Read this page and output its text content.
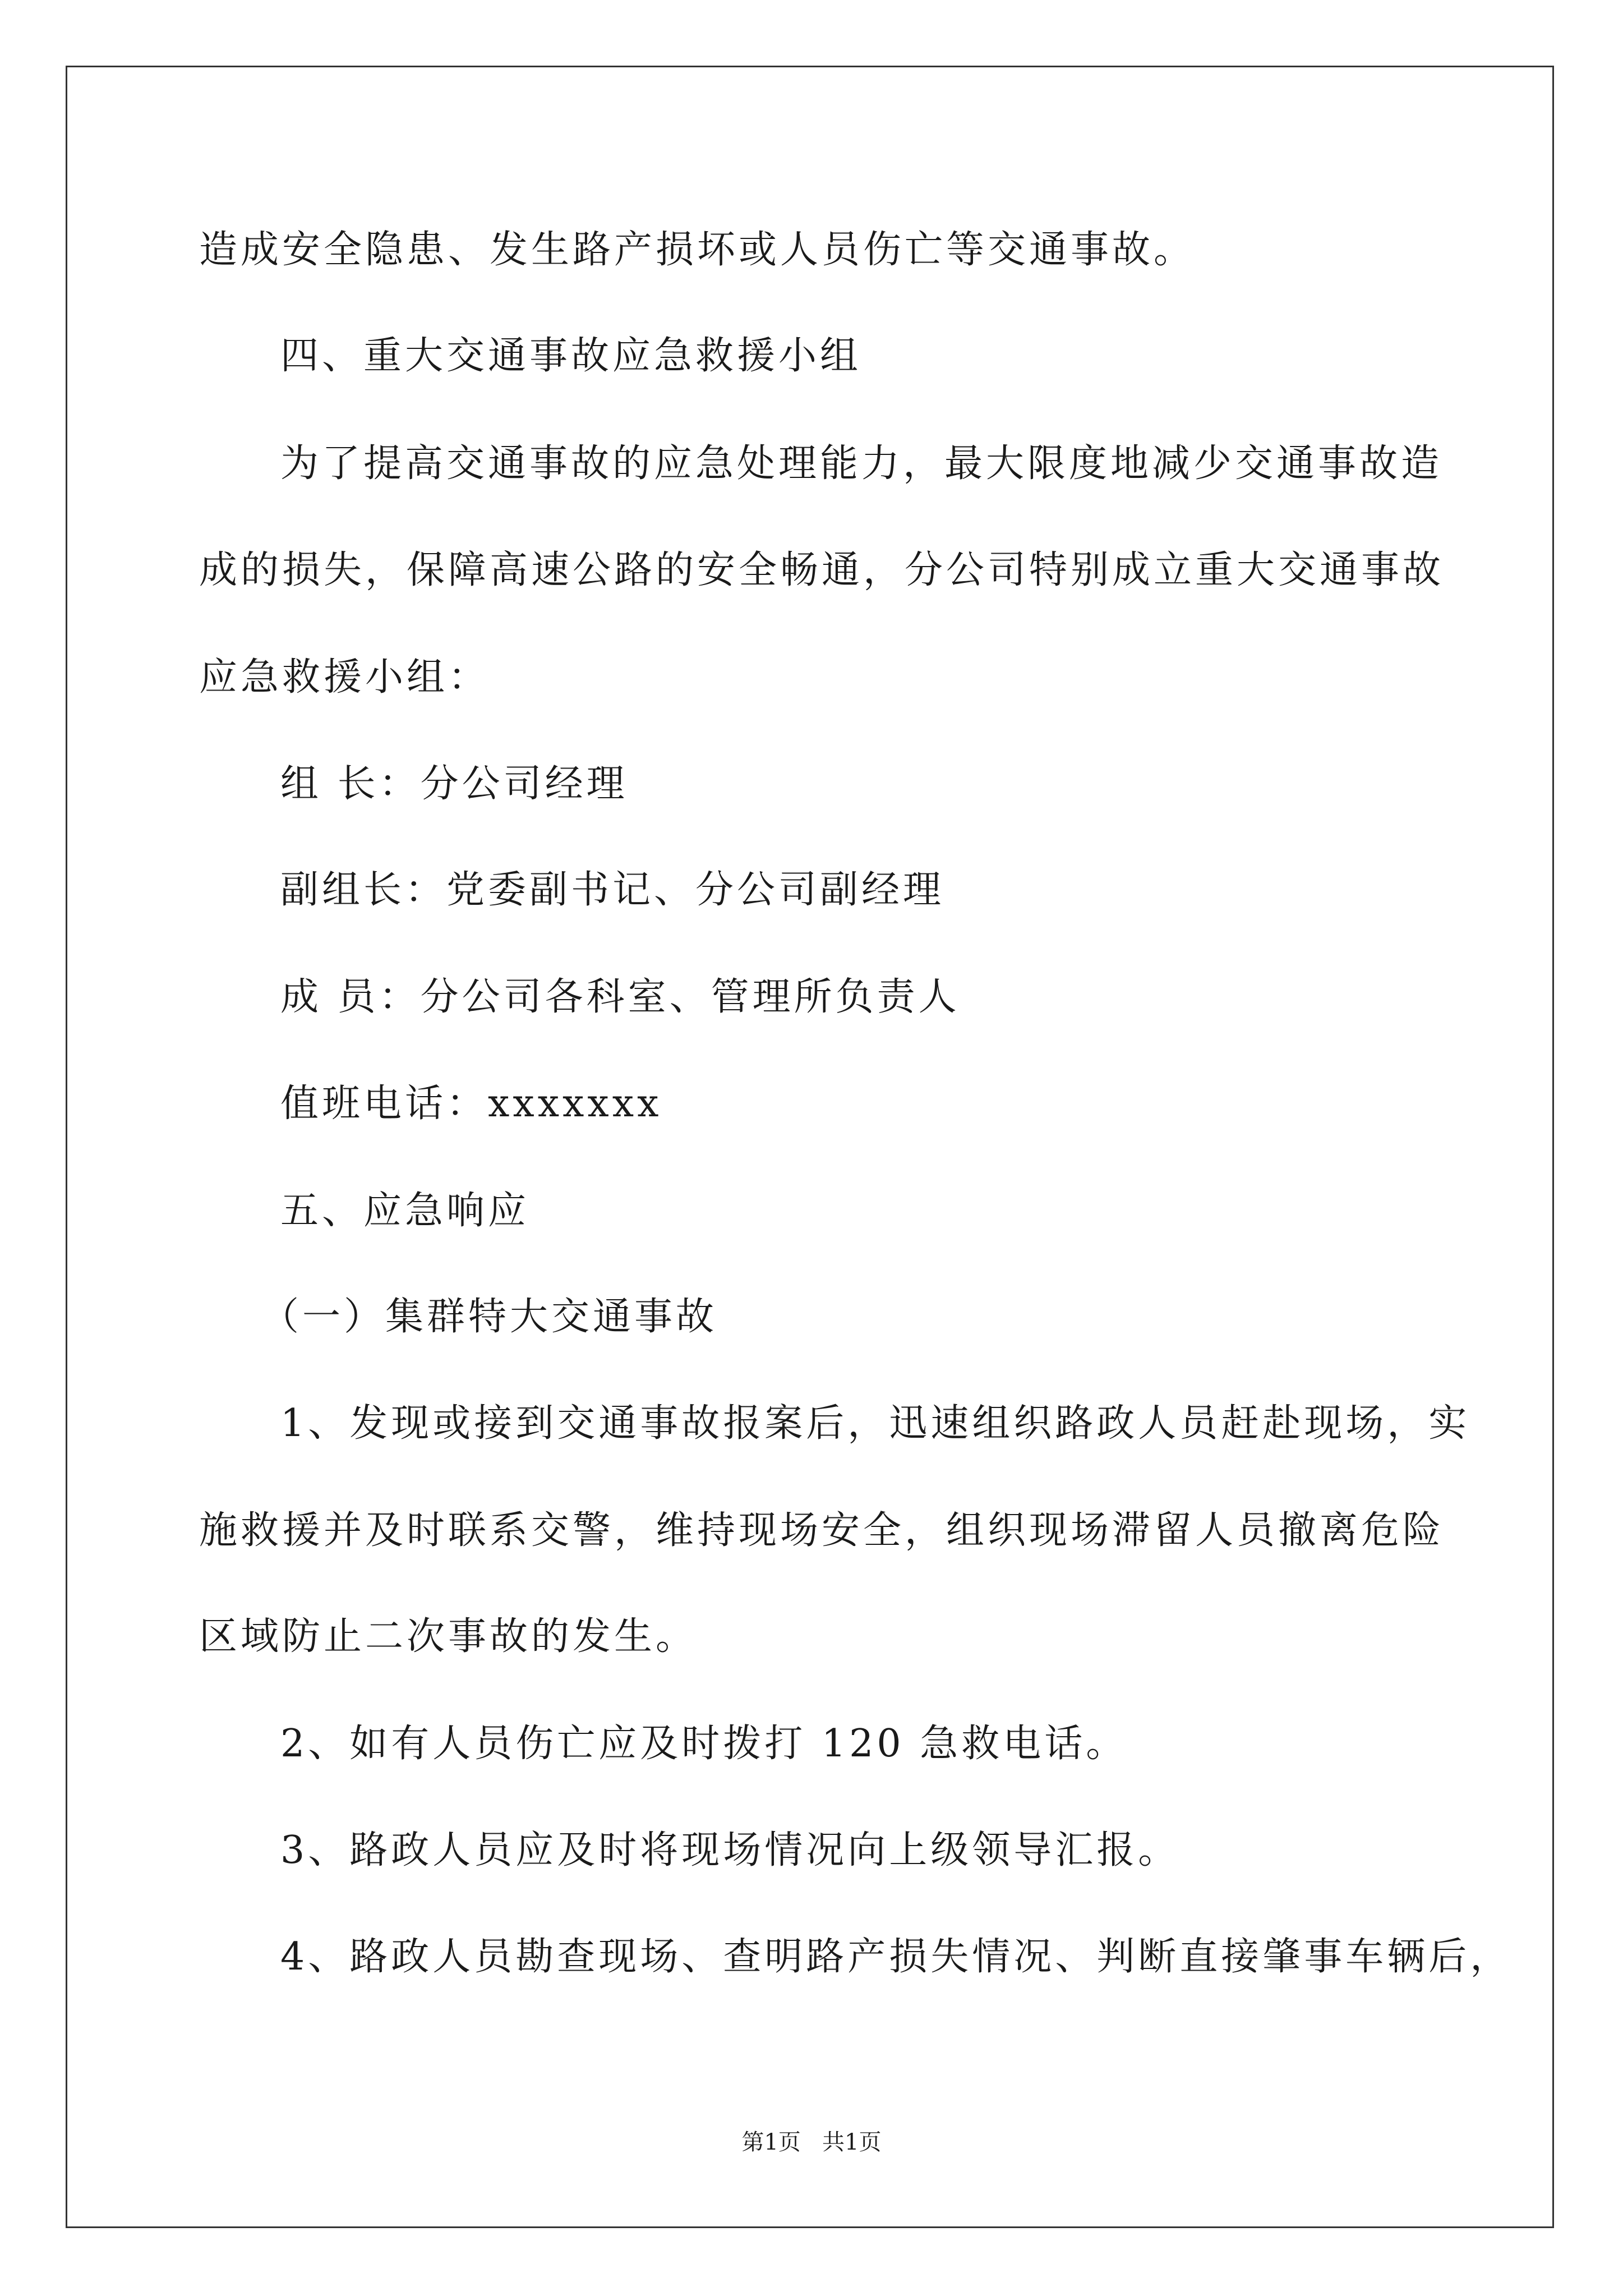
造成安全隐患、发生路产损坏或人员伤亡等交通事故。
四、重大交通事故应急救援小组
为了提高交通事故的应急处理能力，最大限度地减少交通事故造
成的损失，保障高速公路的安全畅通，分公司特别成立重大交通事故
应急救援小组：
组 长：分公司经理
副组长：党委副书记、分公司副经理
成 员：分公司各科室、管理所负责人
值班电话：xxxxxxx
五、应急响应
（一）集群特大交通事故
1、发现或接到交通事故报案后，迅速组织路政人员赶赴现场，实
施救援并及时联系交警，维持现场安全，组织现场滞留人员撤离危险
区域防止二次事故的发生。
2、如有人员伤亡应及时拨打 120 急救电话。
3、路政人员应及时将现场情况向上级领导汇报。
4、路政人员勘查现场、查明路产损失情况、判断直接肇事车辆后，
第1页   共1页
